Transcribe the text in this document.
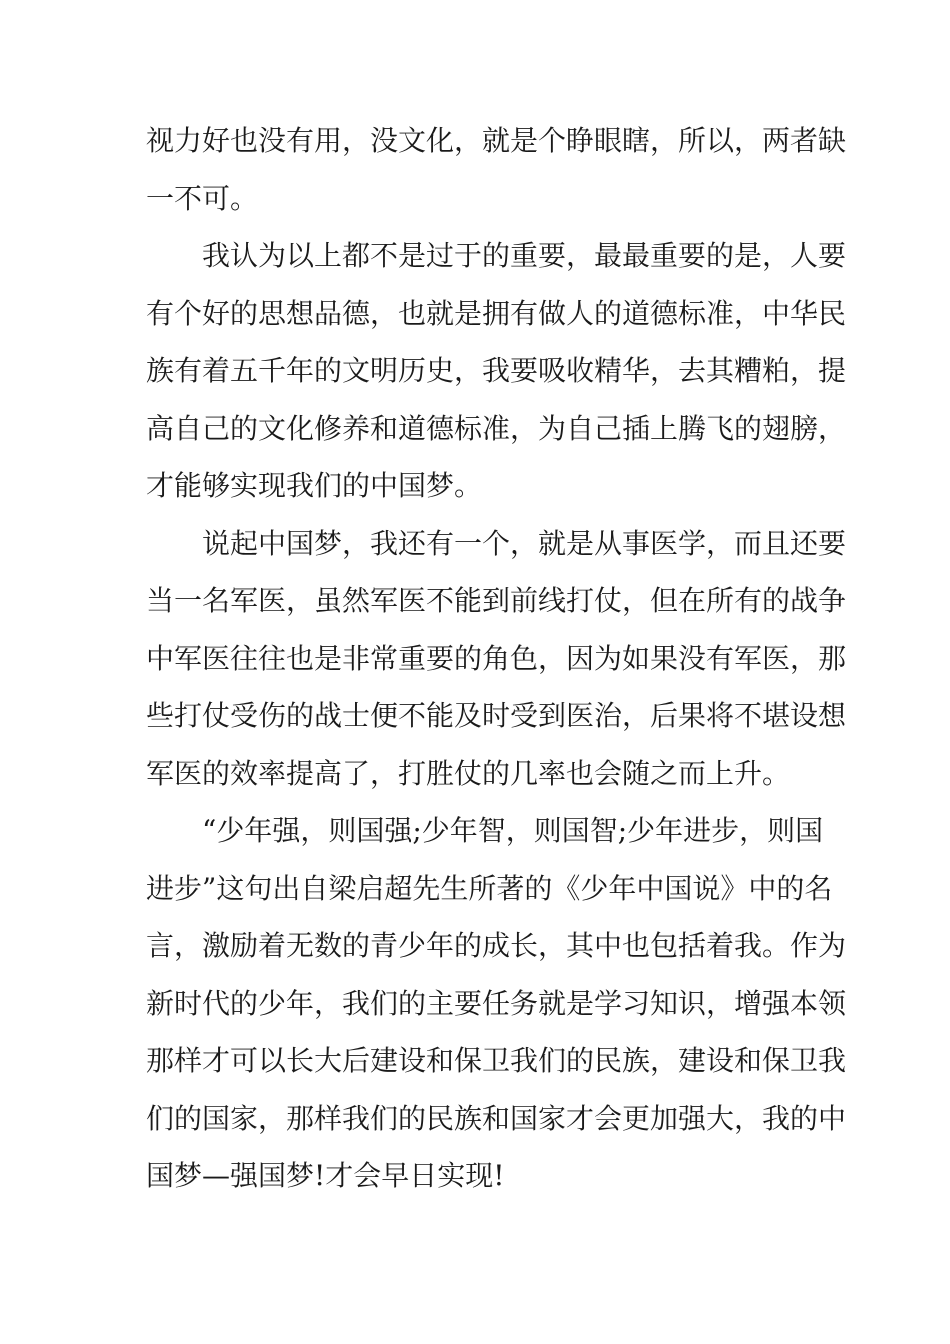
视力好也没有用，没文化，就是个睁眼瞎，所以，两者缺
一不可。
我认为以上都不是过于的重要，最最重要的是，人要
有个好的思想品德，也就是拥有做人的道德标准，中华民
族有着五千年的文明历史，我要吸收精华，去其糟粕，提
高自己的文化修养和道德标准，为自己插上腾飞的翅膀，
才能够实现我们的中国梦。
说起中国梦，我还有一个，就是从事医学，而且还要
当一名军医，虽然军医不能到前线打仗，但在所有的战争
中军医往往也是非常重要的角色，因为如果没有军医，那
些打仗受伤的战士便不能及时受到医治，后果将不堪设想
军医的效率提高了，打胜仗的几率也会随之而上升。
“少年强，则国强;少年智，则国智;少年进步，则国
进步”这句出自梁启超先生所著的《少年中国说》中的名
言，激励着无数的青少年的成长，其中也包括着我。作为
新时代的少年，我们的主要任务就是学习知识，增强本领
那样才可以长大后建设和保卫我们的民族，建设和保卫我
们的国家，那样我们的民族和国家才会更加强大，我的中
国梦—强国梦!才会早日实现!
